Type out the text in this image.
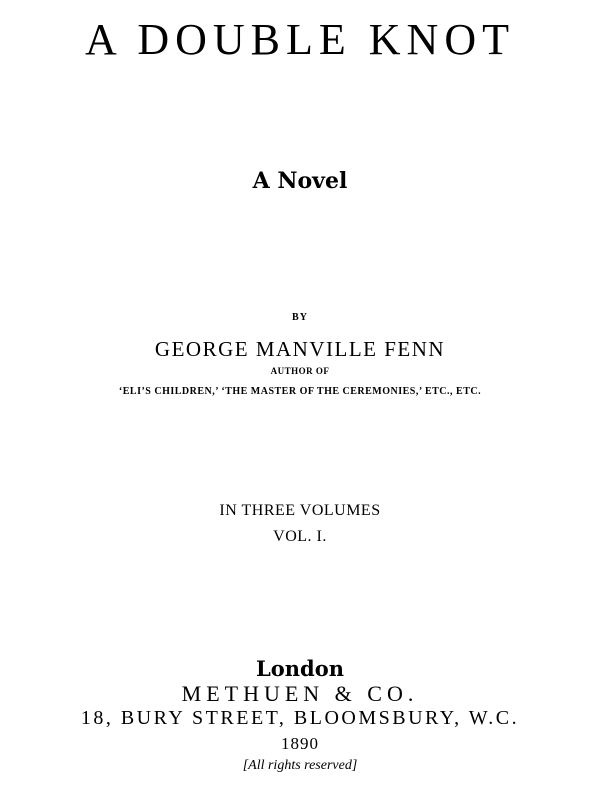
A DOUBLE KNOT
A Novel
BY
GEORGE MANVILLE FENN
AUTHOR OF
‘ELI’S CHILDREN,’ ‘THE MASTER OF THE CEREMONIES,’ ETC., ETC.
IN THREE VOLUMES
VOL. I.
London
METHUEN & CO.
18, BURY STREET, BLOOMSBURY, W.C.
1890
[All rights reserved]
